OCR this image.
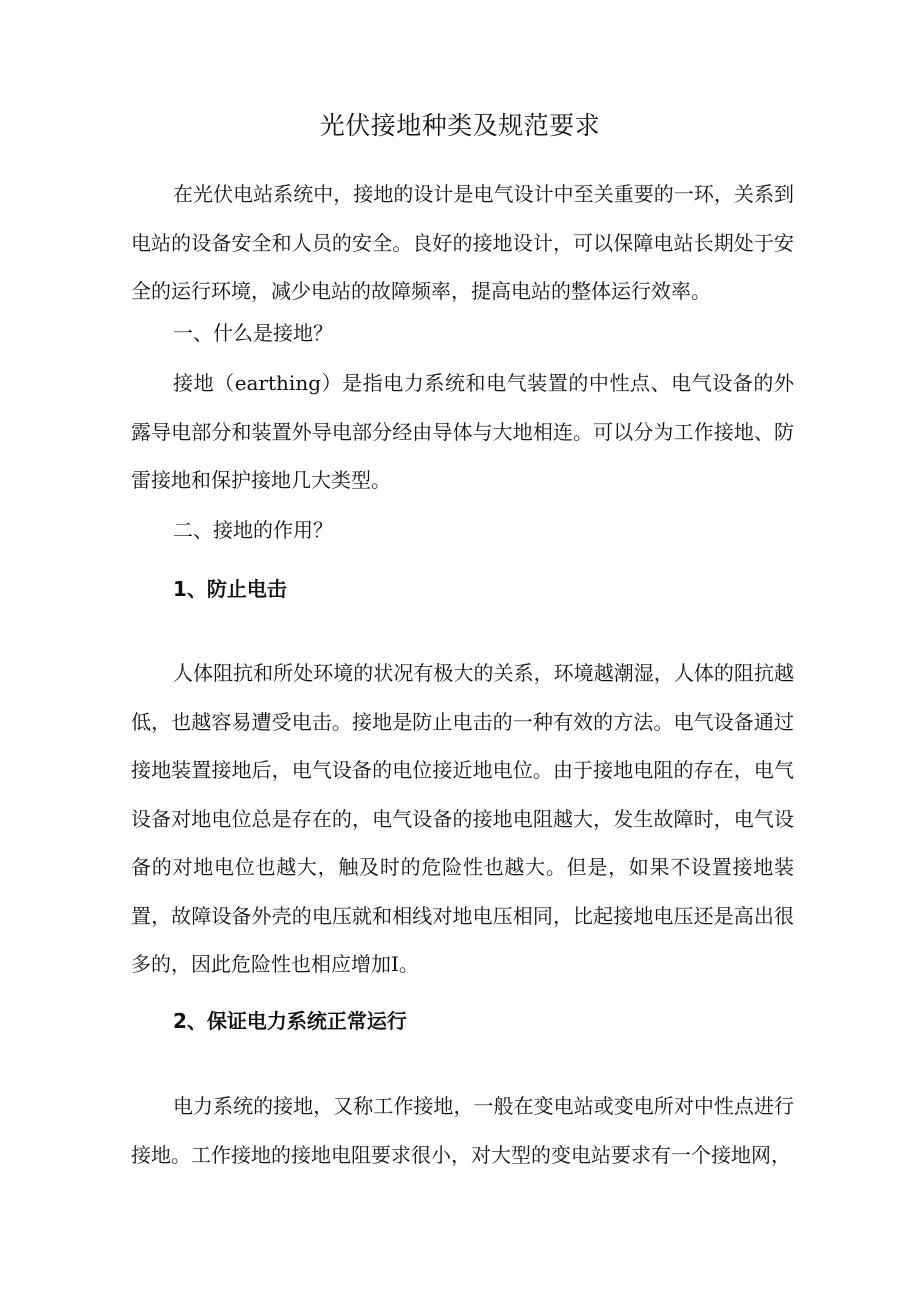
光伏接地种类及规范要求

在光伏电站系统中，接地的设计是电气设计中至关重要的一环，关系到电站的设备安全和人员的安全。良好的接地设计，可以保障电站长期处于安全的运行环境，减少电站的故障频率，提高电站的整体运行效率。

一、什么是接地？

接地（earthing）是指电力系统和电气装置的中性点、电气设备的外露导电部分和装置外导电部分经由导体与大地相连。可以分为工作接地、防雷接地和保护接地几大类型。

二、接地的作用？
1、防止电击

人体阻抗和所处环境的状况有极大的关系，环境越潮湿，人体的阻抗越低，也越容易遭受电击。接地是防止电击的一种有效的方法。电气设备通过接地装置接地后，电气设备的电位接近地电位。由于接地电阻的存在，电气设备对地电位总是存在的，电气设备的接地电阻越大，发生故障时，电气设备的对地电位也越大，触及时的危险性也越大。但是，如果不设置接地装置，故障设备外壳的电压就和相线对地电压相同，比起接地电压还是高出很多的，因此危险性也相应增加I。

2、保证电力系统正常运行

电力系统的接地，又称工作接地，一般在变电站或变电所对中性点进行接地。工作接地的接地电阻要求很小，对大型的变电站要求有一个接地网，
